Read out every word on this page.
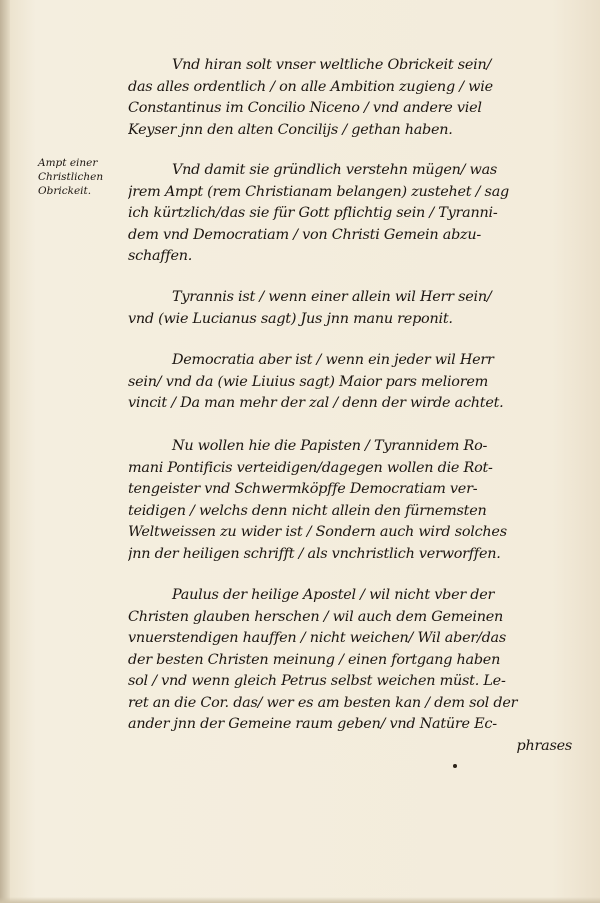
Ampt einer
Christlichen
Obrickeit.
Vnd hiran solt vnser weltliche Obrickeit sein/
das alles ordentlich / on alle Ambition zugieng / wie
Constantinus im Concilio Niceno / vnd andere viel
Keyser jnn den alten Concilijs / gethan haben.
Vnd damit sie gründlich verstehn mügen/ was
jrem Ampt (rem Christianam belangen) zustehet / sag
ich kürtzlich/das sie für Gott pflichtig sein / Tyranni-
dem vnd Democratiam / von Christi Gemein abzu-
schaffen.
Tyrannis ist / wenn einer allein wil Herr sein/
vnd (wie Lucianus sagt) Jus jnn manu reponit.
Democratia aber ist / wenn ein jeder wil Herr
sein/ vnd da (wie Liuius sagt) Maior pars meliorem
vincit / Da man mehr der zal / denn der wirde achtet.
Nu wollen hie die Papisten / Tyrannidem Ro-
mani Pontificis verteidigen/dagegen wollen die Rot-
tengeister vnd Schwermköpffe Democratiam ver-
teidigen / welchs denn nicht allein den fürnemsten
Weltweissen zu wider ist / Sondern auch wird solches
jnn der heiligen schrifft / als vnchristlich verworffen.
Paulus der heilige Apostel / wil nicht vber der
Christen glauben herschen / wil auch dem Gemeinen
vnuerstendigen hauffen / nicht weichen/ Wil aber/das
der besten Christen meinung / einen fortgang haben
sol / vnd wenn gleich Petrus selbst weichen müst. Le-
ret an die Cor. das/ wer es am besten kan / dem sol der
ander jnn der Gemeine raum geben/ vnd Natüre Ec-
phrases
